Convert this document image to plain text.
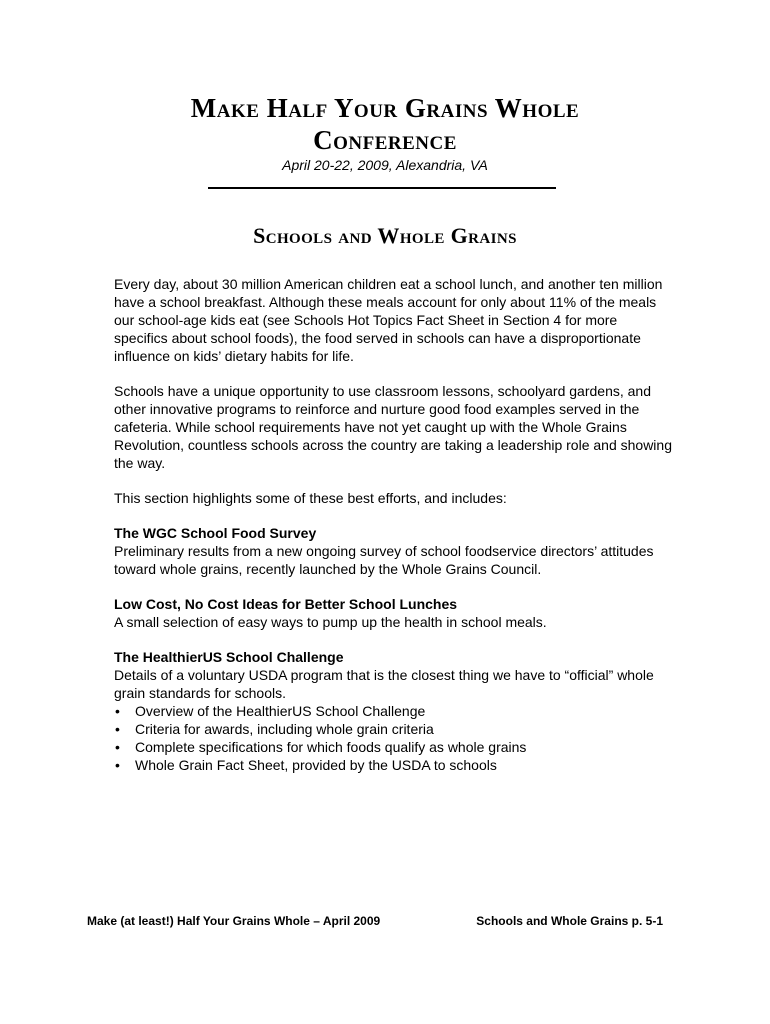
Make Half Your Grains Whole
Conference
April 20-22, 2009, Alexandria, VA
Schools and Whole Grains

Every day, about 30 million American children eat a school lunch, and another ten million have a school breakfast. Although these meals account for only about 11% of the meals our school-age kids eat (see Schools Hot Topics Fact Sheet in Section 4 for more specifics about school foods), the food served in schools can have a disproportionate influence on kids’ dietary habits for life.

Schools have a unique opportunity to use classroom lessons, schoolyard gardens, and other innovative programs to reinforce and nurture good food examples served in the cafeteria. While school requirements have not yet caught up with the Whole Grains Revolution, countless schools across the country are taking a leadership role and showing the way.

This section highlights some of these best efforts, and includes:

The WGC School Food Survey

Preliminary results from a new ongoing survey of school foodservice directors’ attitudes toward whole grains, recently launched by the Whole Grains Council.

Low Cost, No Cost Ideas for Better School Lunches

A small selection of easy ways to pump up the health in school meals.

The HealthierUS School Challenge

Details of a voluntary USDA program that is the closest thing we have to “official” whole grain standards for schools.

• Overview of the HealthierUS School Challenge
• Criteria for awards, including whole grain criteria
• Complete specifications for which foods qualify as whole grains
• Whole Grain Fact Sheet, provided by the USDA to schools
Make (at least!) Half Your Grains Whole – April 2009	Schools and Whole Grains p. 5-1
